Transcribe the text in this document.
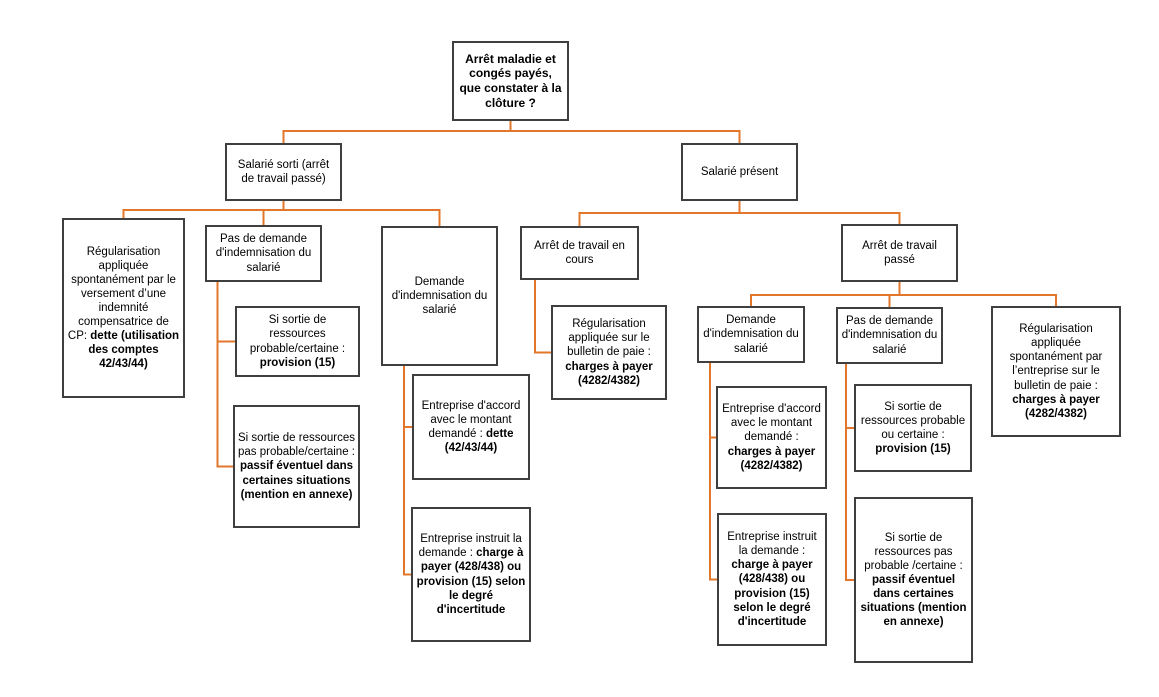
Arrêt maladie et congés payés, que constater à la clôture ?
Salarié sorti (arrêt de travail passé)
Salarié présent
Régularisation appliquée spontanément par le versement d’une indemnité compensatrice de CP: dette (utilisation des comptes 42/43/44)
Pas de demande d'indemnisation du salarié
Si sortie de ressources probable/certaine : provision (15)
Si sortie de ressources pas probable/certaine : passif éventuel dans certaines situations (mention en annexe)
Demande d'indemnisation du salarié
Entreprise d'accord avec le montant demandé : dette (42/43/44)
Entreprise instruit la demande : charge à payer (428/438) ou provision (15) selon le degré d'incertitude
Arrêt de travail en cours
Régularisation appliquée sur le bulletin de paie : charges à payer (4282/4382)
Arrêt de travail passé
Demande d'indemnisation du salarié
Entreprise d'accord avec le montant demandé : charges à payer (4282/4382)
Entreprise instruit la demande : charge à payer (428/438) ou provision (15) selon le degré d'incertitude
Pas de demande d'indemnisation du salarié
Si sortie de ressources probable ou certaine : provision (15)
Si sortie de ressources pas probable /certaine : passif éventuel dans certaines situations (mention en annexe)
Régularisation appliquée spontanément par l’entreprise sur le bulletin de paie : charges à payer (4282/4382)
